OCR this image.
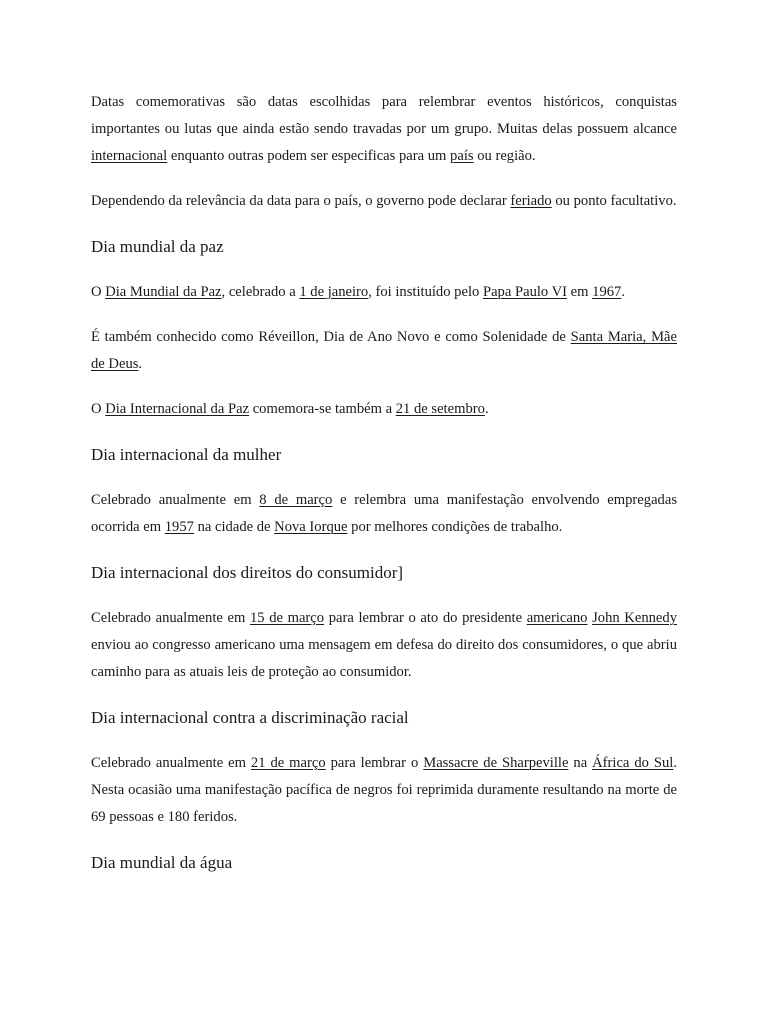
Datas comemorativas são datas escolhidas para relembrar eventos históricos, conquistas importantes ou lutas que ainda estão sendo travadas por um grupo. Muitas delas possuem alcance internacional enquanto outras podem ser especificas para um país ou região.

Dependendo da relevância da data para o país, o governo pode declarar feriado ou ponto facultativo.

Dia mundial da paz

O Dia Mundial da Paz, celebrado a 1 de janeiro, foi instituído pelo Papa Paulo VI em 1967.

É também conhecido como Réveillon, Dia de Ano Novo e como Solenidade de Santa Maria, Mãe de Deus.

O Dia Internacional da Paz comemora-se também a 21 de setembro.

Dia internacional da mulher

Celebrado anualmente em 8 de março e relembra uma manifestação envolvendo empregadas ocorrida em 1957 na cidade de Nova Iorque por melhores condições de trabalho.

Dia internacional dos direitos do consumidor]

Celebrado anualmente em 15 de março para lembrar o ato do presidente americano John Kennedy enviou ao congresso americano uma mensagem em defesa do direito dos consumidores, o que abriu caminho para as atuais leis de proteção ao consumidor.

Dia internacional contra a discriminação racial

Celebrado anualmente em 21 de março para lembrar o Massacre de Sharpeville na África do Sul. Nesta ocasião uma manifestação pacífica de negros foi reprimida duramente resultando na morte de 69 pessoas e 180 feridos.

Dia mundial da água
